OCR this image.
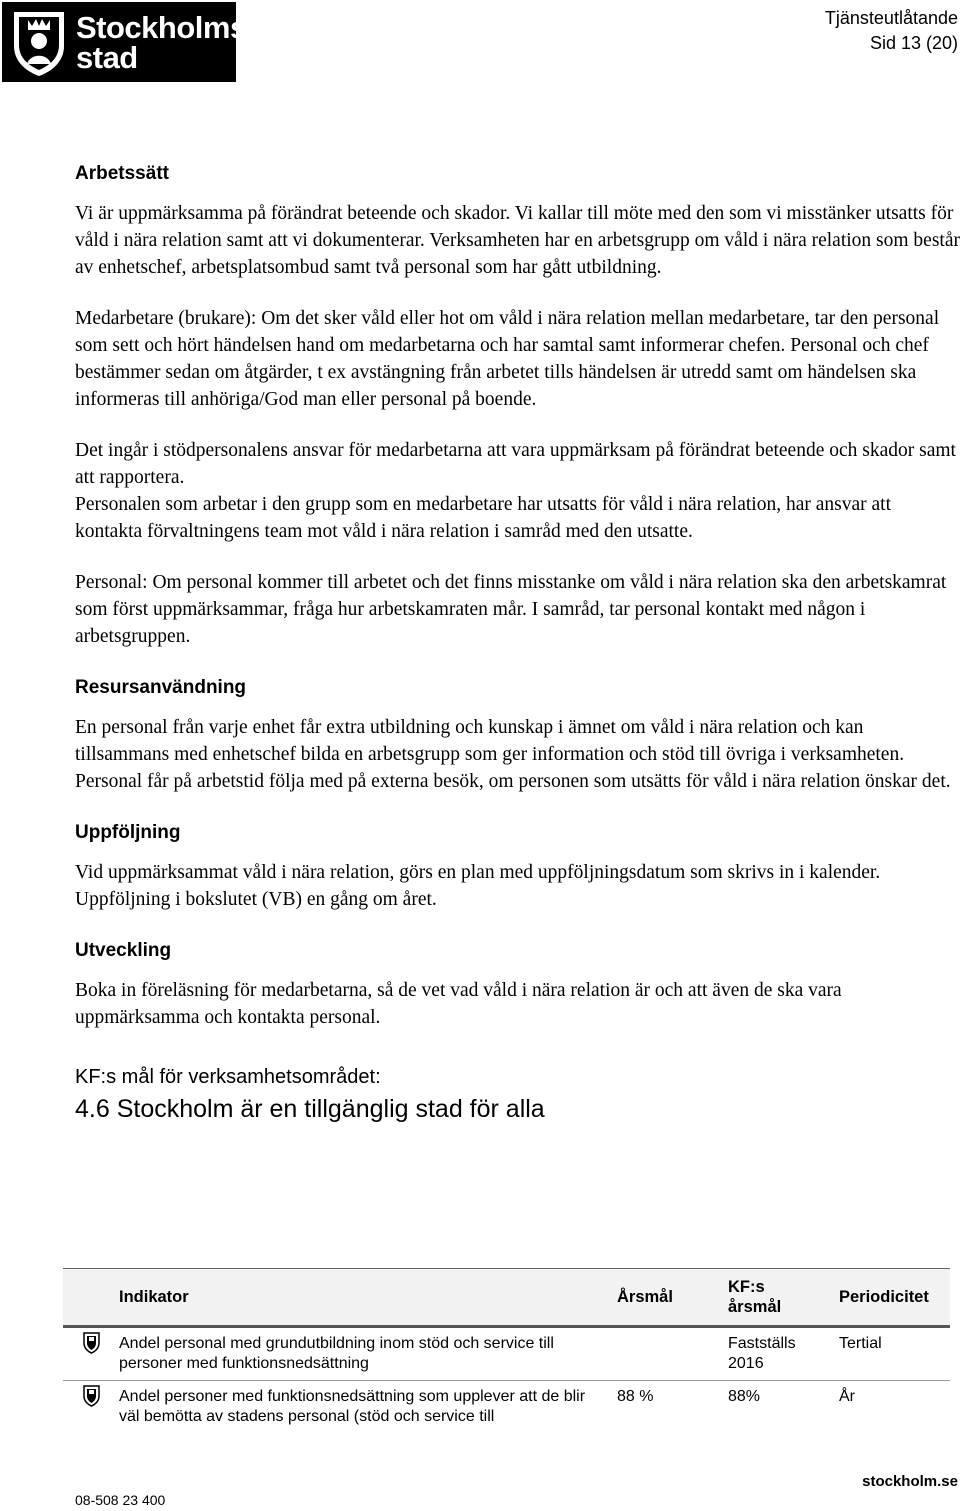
Stockholms
stad
Tjänsteutlåtande
Sid 13 (20)
Arbetssätt

Vi är uppmärksamma på förändrat beteende och skador. Vi kallar till möte med den som vi misstänker utsatts för våld i nära relation samt att vi dokumenterar. Verksamheten har en arbetsgrupp om våld i nära relation som består av enhetschef, arbetsplatsombud samt två personal som har gått utbildning.

Medarbetare (brukare): Om det sker våld eller hot om våld i nära relation mellan medarbetare, tar den personal som sett och hört händelsen hand om medarbetarna och har samtal samt informerar chefen. Personal och chef bestämmer sedan om åtgärder, t ex avstängning från arbetet tills händelsen är utredd samt om händelsen ska informeras till anhöriga/God man eller personal på boende.

Det ingår i stödpersonalens ansvar för medarbetarna att vara uppmärksam på förändrat beteende och skador samt att rapportera.

Personalen som arbetar i den grupp som en medarbetare har utsatts för våld i nära relation, har ansvar att kontakta förvaltningens team mot våld i nära relation i samråd med den utsatte.

Personal: Om personal kommer till arbetet och det finns misstanke om våld i nära relation ska den arbetskamrat som först uppmärksammar, fråga hur arbetskamraten mår. I samråd, tar personal kontakt med någon i arbetsgruppen.

Resursanvändning

En personal från varje enhet får extra utbildning och kunskap i ämnet om våld i nära relation och kan tillsammans med enhetschef bilda en arbetsgrupp som ger information och stöd till övriga i verksamheten.

Personal får på arbetstid följa med på externa besök, om personen som utsätts för våld i nära relation önskar det.

Uppföljning

Vid uppmärksammat våld i nära relation, görs en plan med uppföljningsdatum som skrivs in i kalender.

Uppföljning i bokslutet (VB) en gång om året.

Utveckling

Boka in föreläsning för medarbetarna, så de vet vad våld i nära relation är och att även de ska vara uppmärksamma och kontakta personal.

KF:s mål för verksamhetsområdet:
4.6 Stockholm är en tillgänglig stad för alla
	Indikator	Årsmål	KF:s årsmål	Periodicitet
	Andel personal med grundutbildning inom stöd och service till personer med funktionsnedsättning		Fastställs 2016	Tertial
	Andel personer med funktionsnedsättning som upplever att de blir väl bemötta av stadens personal (stöd och service till	88 %	88%	År
08-508 23 400
stockholm.se
